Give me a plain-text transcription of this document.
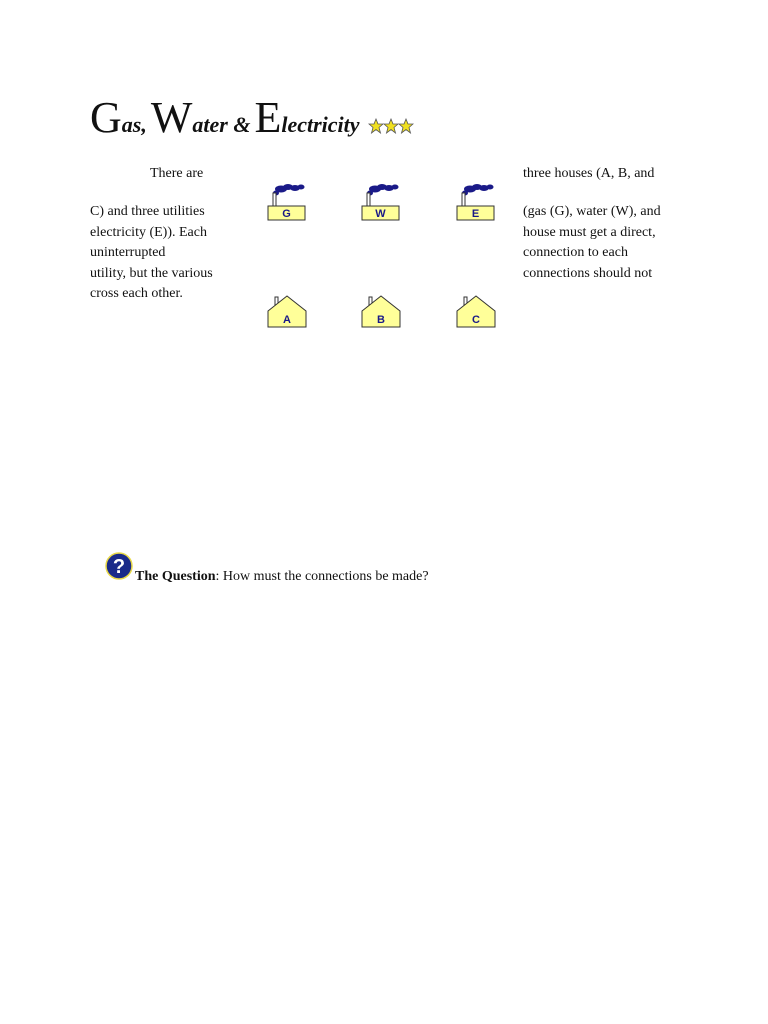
Gas, Water & Electricity
There are
C) and three utilities
electricity (E)). Each
uninterrupted
utility, but the various
cross each other.
three houses (A, B, and
(gas (G), water (W), and
house must get a direct,
connection to each
connections should not
G	W	E
A	B	C
? The Question: How must the connections be made?
